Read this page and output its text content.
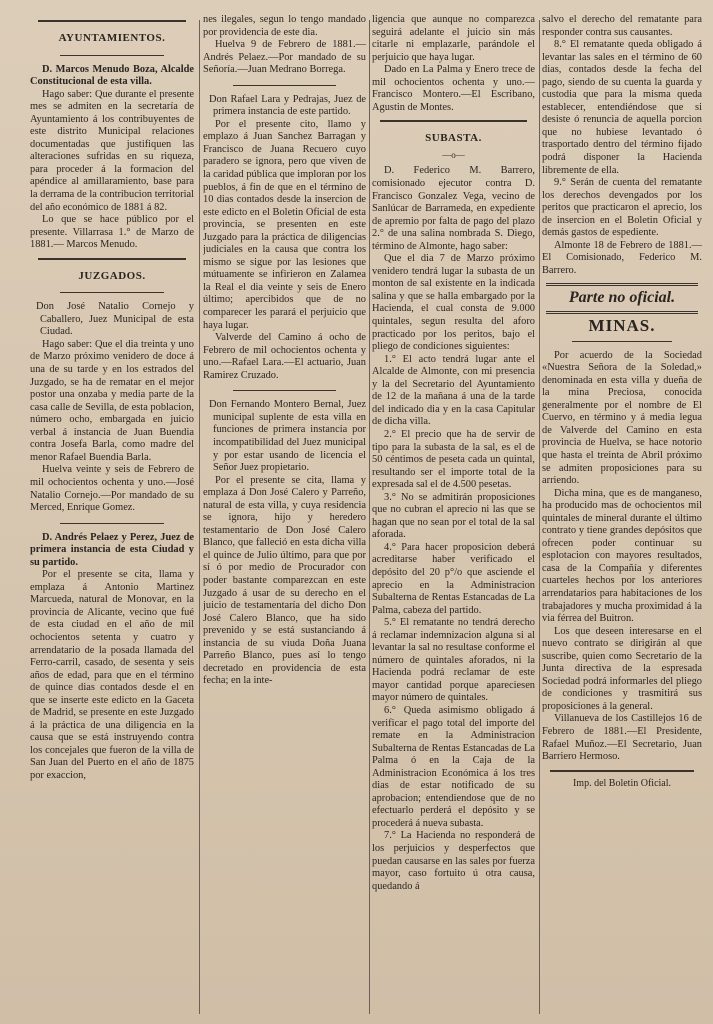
AYUNTAMIENTOS.

D. Marcos Menudo Boza, Alcalde Constitucional de esta villa.

Hago saber: Que durante el presente mes se admiten en la secretaría de Ayuntamiento á los contribuyentes de este distrito Municipal relaciones documentadas que justifiquen las alteraciones sufridas en su riqueza, para proceder á la formacion del apéndice al amillaramiento, base para la derrama de la contribucion territorial del año económico de 1881 á 82.

Lo que se hace público por el presente. Villarrasa 1.° de Marzo de 1881.— Marcos Menudo.

JUZGADOS.

Don José Natalio Cornejo y Caballero, Juez Municipal de esta Ciudad.

Hago saber: Que el dia treinta y uno de Marzo próximo venidero de doce á una de su tarde y en los estrados del Juzgado, se ha de rematar en el mejor postor una onzaba y media parte de la casa calle de Sevilla, de esta poblacion, número ocho, embargada en juicio verbal á instancia de Juan Buendia contra Josefa Barla, como madre del menor Rafael Buendia Barla.

Huelva veinte y seis de Febrero de mil ochocientos ochenta y uno.—José Natalio Cornejo.—Por mandado de su Merced, Enrique Gomez.

D. Andrés Pelaez y Perez, Juez de primera instancia de esta Ciudad y su partido.

Por el presente se cita, llama y emplaza á Antonio Martinez Marcueda, natural de Monovar, en la provincia de Alicante, vecino que fué de esta ciudad en el año de mil ochocientos setenta y cuatro y arrendatario de la posada llamada del Ferro-carril, casado, de sesenta y seis años de edad, para que en el término de quince dias contados desde el en que se inserte este edicto en la Gaceta de Madrid, se presente en este Juzgado á la práctica de una diligencia en la causa que se está instruyendo contra los concejales que fueron de la villa de San Juan del Puerto en el año de 1875 por exaccion,

nes ilegales, segun lo tengo mandado por providencia de este dia.

Huelva 9 de Febrero de 1881.—Andrés Pelaez.—Por mandado de su Señoría.—Juan Medrano Borrega.

Don Rafael Lara y Pedrajas, Juez de primera instancia de este partido.

Por el presente cito, llamo y emplazo á Juan Sanchez Barragan y Francisco de Juana Recuero cuyo paradero se ignora, pero que viven de la caridad pública que imploran por los pueblos, á fin de que en el término de 10 dias contados desde la insercion de este edicto en el Boletin Oficial de esta provincia, se presenten en este Juzgado para la práctica de diligencias judiciales en la causa que contra los mismo se sigue por las lesiones que mútuamente se infirieron en Zalamea la Real el dia veinte y seis de Enero último; apercibidos que de no comparecer les parará el perjuicio que haya lugar.

Valverde del Camino á ocho de Febrero de mil ochocientos ochenta y uno.—Rafael Lara.—El actuario, Juan Ramirez Cruzado.

Don Fernando Montero Bernal, Juez municipal suplente de esta villa en funciones de primera instancia por incompatibilidad del Juez municipal y por estar usando de licencia el Señor Juez propietario.

Por el presente se cita, llama y emplaza á Don José Calero y Parreño, natural de esta villa, y cuya residencia se ignora, hijo y heredero testamentario de Don José Calero Blanco, que falleció en esta dicha villa el quince de Julio último, para que por sí ó por medio de Procurador con poder bastante comparezcan en este Juzgado á usar de su derecho en el juicio de testamentaría del dicho Don José Calero Blanco, que ha sido prevenido y se está sustanciando á instancia de su viuda Doña Juana Parreño Blanco, pues así lo tengo decretado en providencia de esta fecha; en la inte-

ligencia que aunque no comparezca seguirá adelante el juicio sin más citarle ni emplazarle, parándole el perjuicio que haya lugar.

Dado en La Palma y Enero trece de mil ochocientos ochenta y uno.—Francisco Montero.—El Escribano, Agustin de Montes.

SUBASTA.
—o—

D. Federico M. Barrero, comisionado ejecutor contra D. Francisco Gonzalez Vega, vecino de Sanlúcar de Barrameda, en expediente de apremio por falta de pago del plazo 2.° de una salina nombrada S. Diego, término de Almonte, hago saber:

Que el dia 7 de Marzo próximo venidero tendrá lugar la subasta de un monton de sal existente en la indicada salina y que se halla embargado por la Hacienda, el cual consta de 9.000 quintales, segun resulta del aforo practicado por los peritos, bajo el pliego de condiciones siguientes:

1.° El acto tendrá lugar ante el Alcalde de Almonte, con mi presencia y la del Secretario del Ayuntamiento de 12 de la mañana á una de la tarde del indicado dia y en la casa Capitular de dicha villa.

2.° El precio que ha de servir de tipo para la subasta de la sal, es el de 50 céntimos de peseta cada un quintal, resultando ser el importe total de la expresada sal el de 4.500 pesetas.

3.° No se admitirán proposiciones que no cubran el aprecio ni las que se hagan que no sean por el total de la sal aforada.

4.° Para hacer proposicion deberá acreditarse haber verificado el depósito del 20 p°/o que asciende el aprecio en la Administracion Subalterna de Rentas Estancadas de La Palma, cabeza del partido.

5.° El rematante no tendrá derecho á reclamar indemnizacion alguna si al levantar la sal no resultase conforme el número de quintales aforados, ni la Hacienda podrá reclamar de este mayor cantidad porque apareciesen mayor número de quintales.

6.° Queda asimismo obligado á verificar el pago total del importe del remate en la Administracion Subalterna de Rentas Estancadas de La Palma ó en la Caja de la Administracion Económica á los tres dias de estar notificado de su aprobacion; entendiendose que de no efectuarlo perderá el depósito y se procederá á nueva subasta.

7.° La Hacienda no responderá de los perjuicios y desperfectos que puedan causarse en las sales por fuerza mayor, caso fortuito ú otra causa, quedando á

salvo el derecho del rematante para responder contra sus causantes.

8.° El rematante queda obligado á levantar las sales en el término de 60 dias, contados desde la fecha del pago, siendo de su cuenta la guarda y custodia que para la misma queda establecer, entendiéndose que si desiste ó renuncia de aquella porcion que no hubiese levantado ó trasportado dentro del término fijado podrá disponer la Hacienda libremente de ella.

9.° Serán de cuenta del rematante los derechos devengados por los peritos que practicaron el aprecio, los de insercion en el Boletin Oficial y demás gastos de espediente.

Almonte 18 de Febrero de 1881.—El Comisionado, Federico M. Barrero.

Parte no oficial.
MINAS.

Por acuerdo de la Sociedad «Nuestra Señora de la Soledad,» denominada en esta villa y dueña de la mina Preciosa, conocida generalmente por el nombre de El Cuervo, en término y á media legua de Valverde del Camino en esta provincia de Huelva, se hace notorio que hasta el treinta de Abril próximo se admiten proposiciones para su arriendo.

Dicha mina, que es de manganeso, ha producido mas de ochocientos mil quintales de mineral durante el último contrato y tiene grandes depósitos que ofrecen poder continuar su esplotacion con mayores resultados, casa de la Compañía y diferentes cuarteles hechos por los anteriores arrendatarios para habitaciones de los trabajadores y mucha proximidad á la via férrea del Buitron.

Los que deseen interesarse en el nuevo contrato se dirigirán al que suscribe, quien como Secretario de la Junta directiva de la espresada Sociedad podrá informarles del pliego de condiciones y trasmitirá sus proposiciones á la general.

Villanueva de los Castillejos 16 de Febrero de 1881.—El Presidente, Rafael Muñoz.—El Secretario, Juan Barriero Hermoso.

Imp. del Boletin Oficial.
